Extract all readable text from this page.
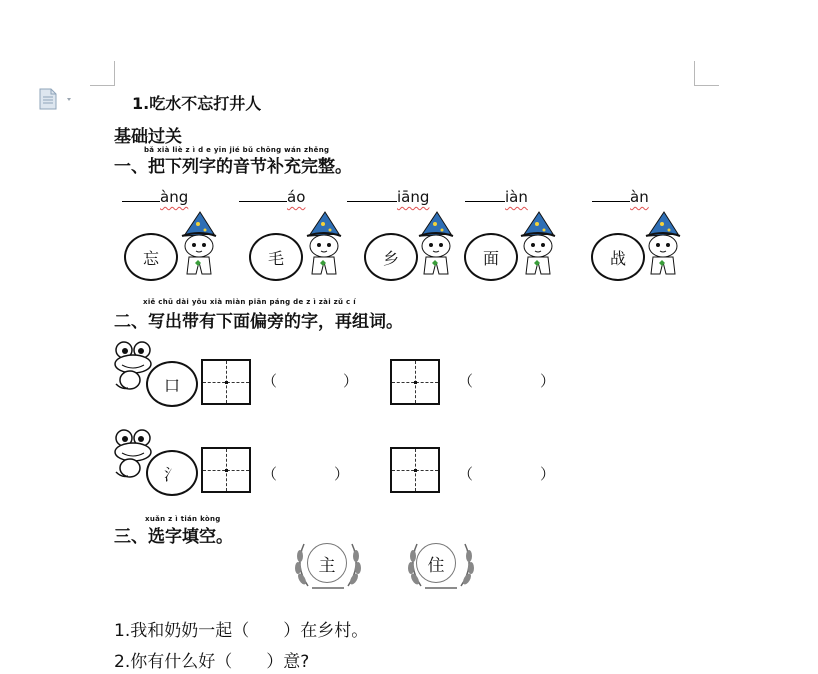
1.吃水不忘打井人
基础过关
bǎ xià liè z ì d e yīn jié bǔ chōng wán zhěng
一、把下列字的音节补充完整。
àng	áo	iāng	iàn	àn
忘	毛	乡	面	战
xiě chū dài yǒu xià miàn piān páng de z ì zài zǔ c í
二、写出带有下面偏旁的字，再组词。
口
氵
（	）	（	）
（	）	（	）
xuǎn z ì tián kòng
三、选字填空。
主	住
1.我和奶奶一起（　　）在乡村。
2.你有什么好（　　）意?
